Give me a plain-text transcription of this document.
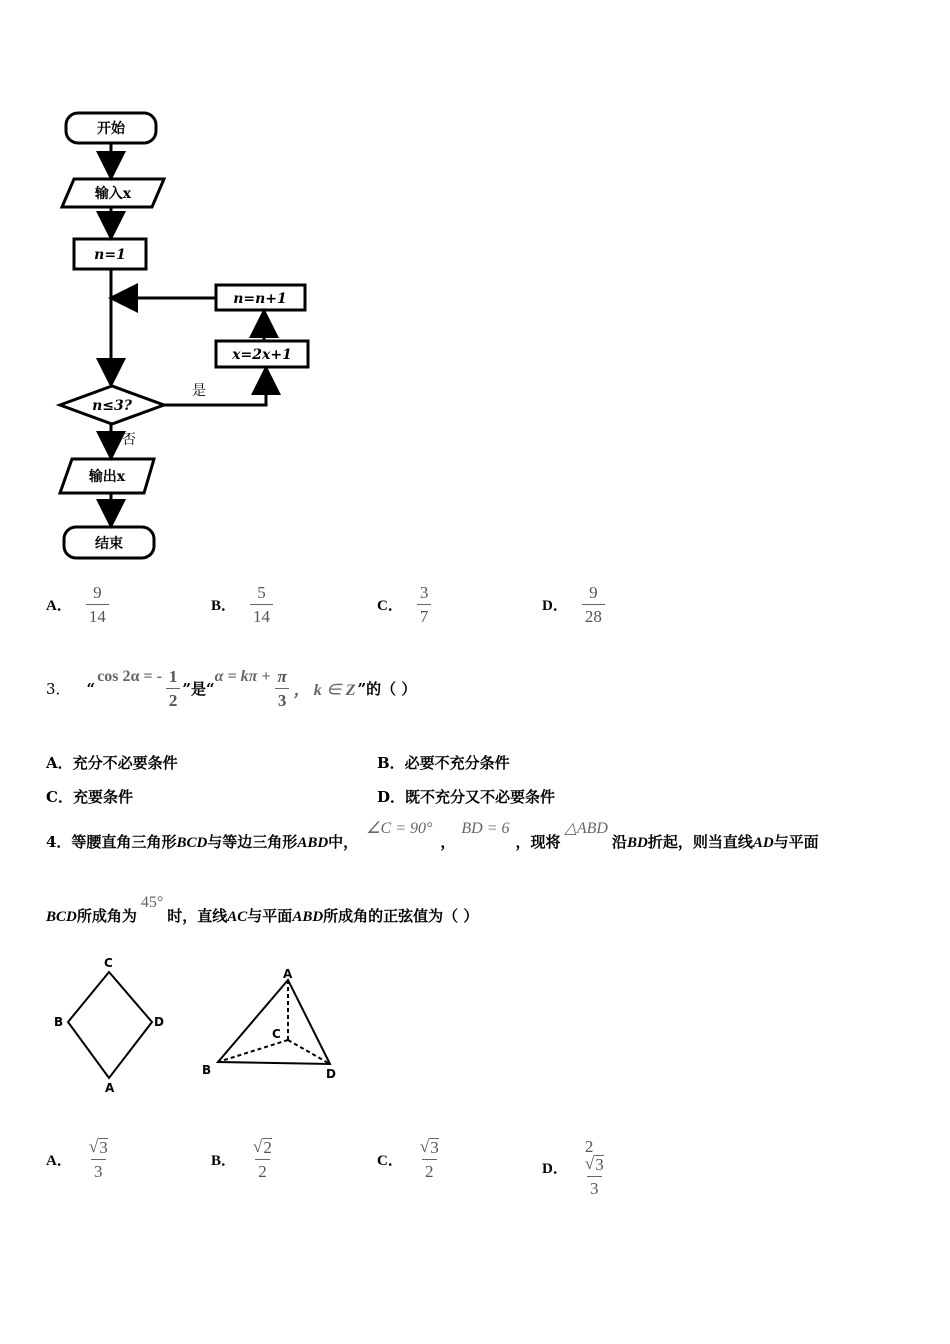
开始
输入x
n=1
n=n+1
x=2x+1
n≤3?
输出x
结束
是
否
A． $\frac{9}{14}$	B． $\frac{5}{14}$	C． $\frac{3}{7}$	D． $\frac{9}{28}$
3． “
cos 2α = - $\frac{1}{2}$ ”是“
$\alpha = k\pi + \frac{\pi}{3}$ ， k ∈ Z ”的（ ）
A．充分不必要条件	B．必要不充分条件
C．充要条件	D．既不充分又不必要条件
4．等腰直角三角形 BCD 与等边三角形 ABD 中，
∠C = 90°
，
BD = 6
，现将
△ABD
沿 BD 折起，则当直线 AD 与平面
BCD 所成角为
45°
时，直线 AC 与平面 ABD 所成角的正弦值为（ ）
C
B	D
A
A
C
B	D
A． $\frac{√ 3}{3}$	B． $\frac{√ 2}{2}$	C． $\frac{√ 3}{2}$	D． $\frac{2√ 3}{3}$
